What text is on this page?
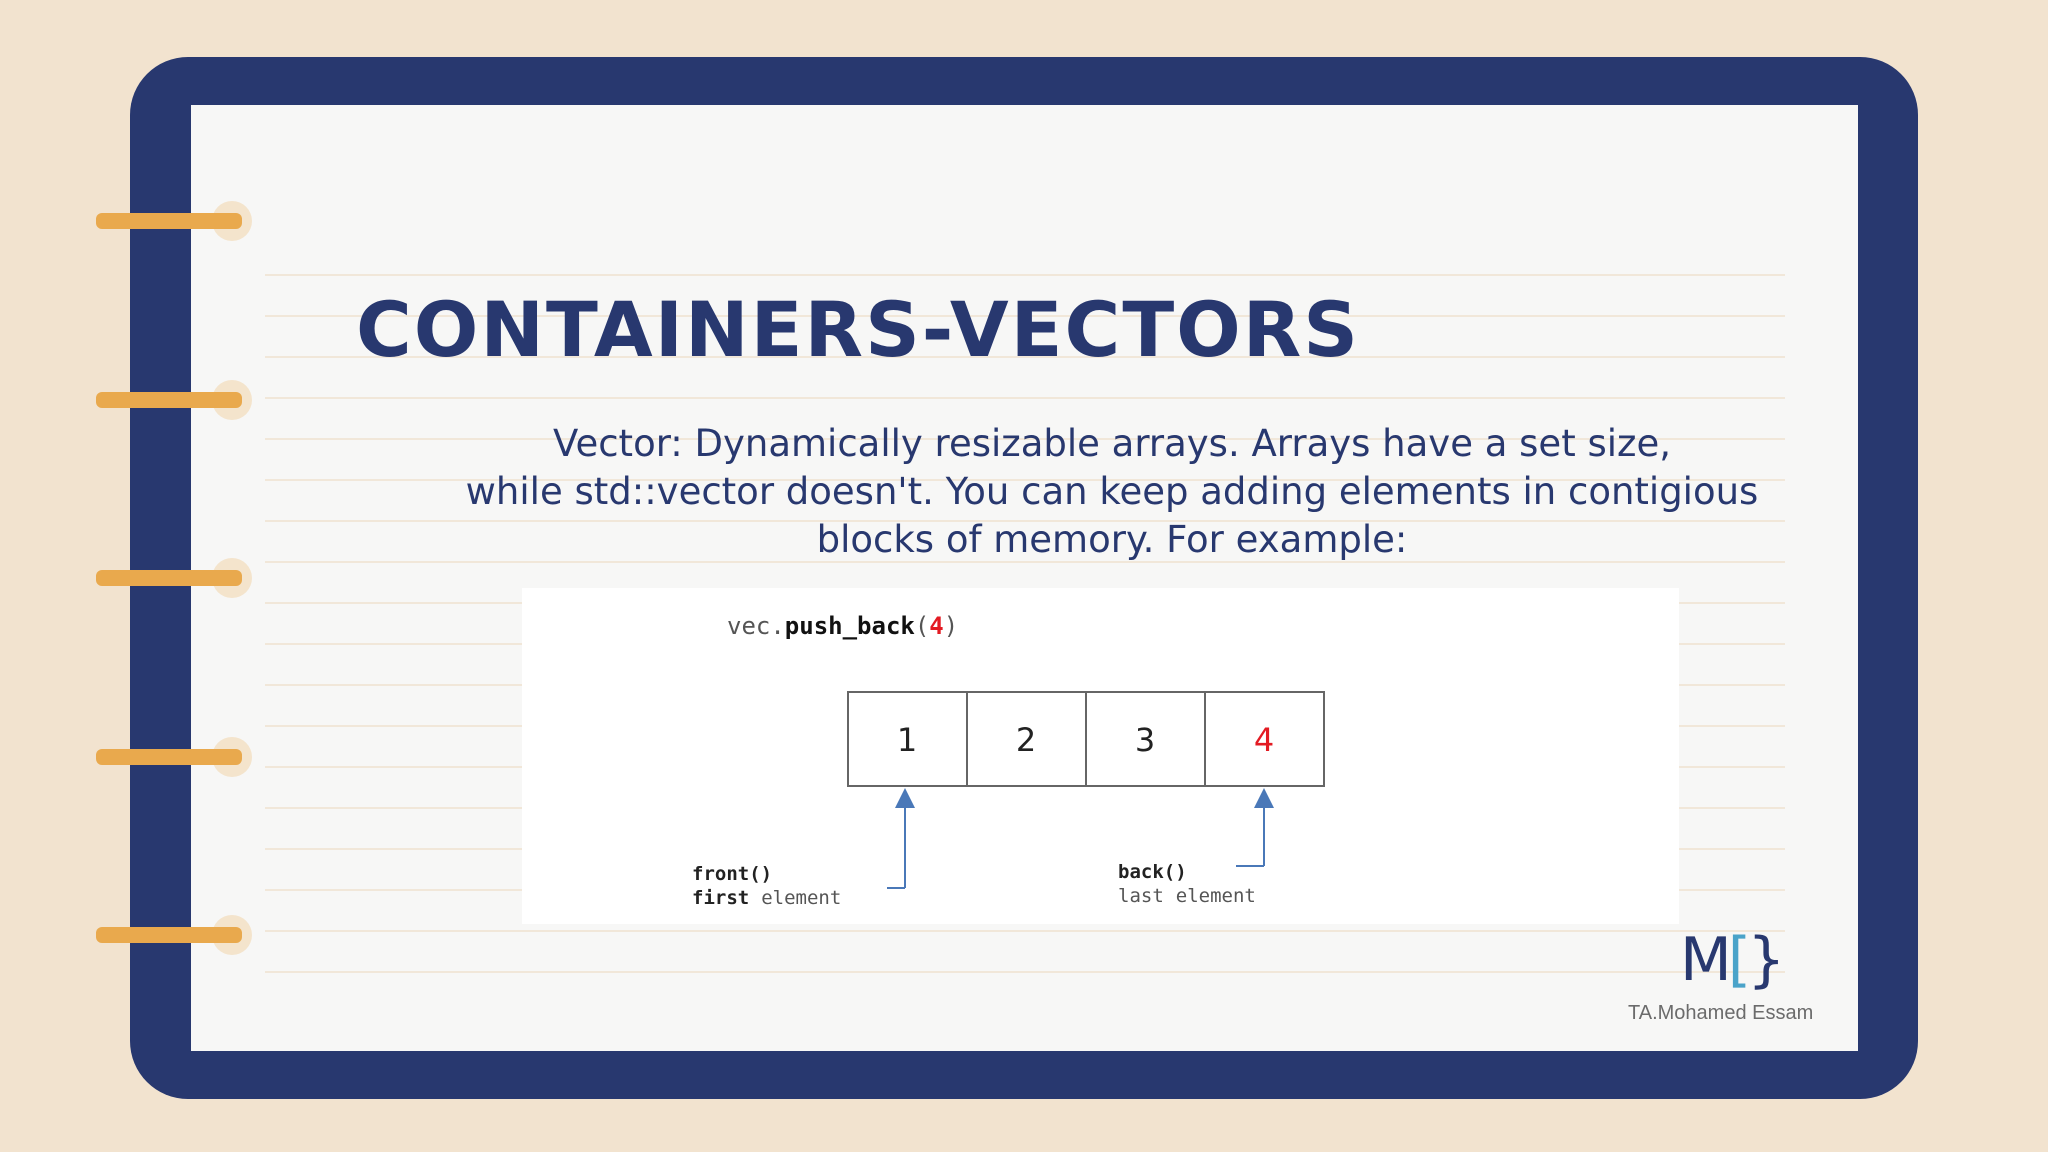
CONTAINERS-VECTORS
Vector: Dynamically resizable arrays. Arrays have a set size,
while std::vector doesn't. You can keep adding elements in contigious
blocks of memory. For example:
vec.push_back(4)
1	2	3	4
front()
first element
back()
last element
M[}
TA.Mohamed Essam
